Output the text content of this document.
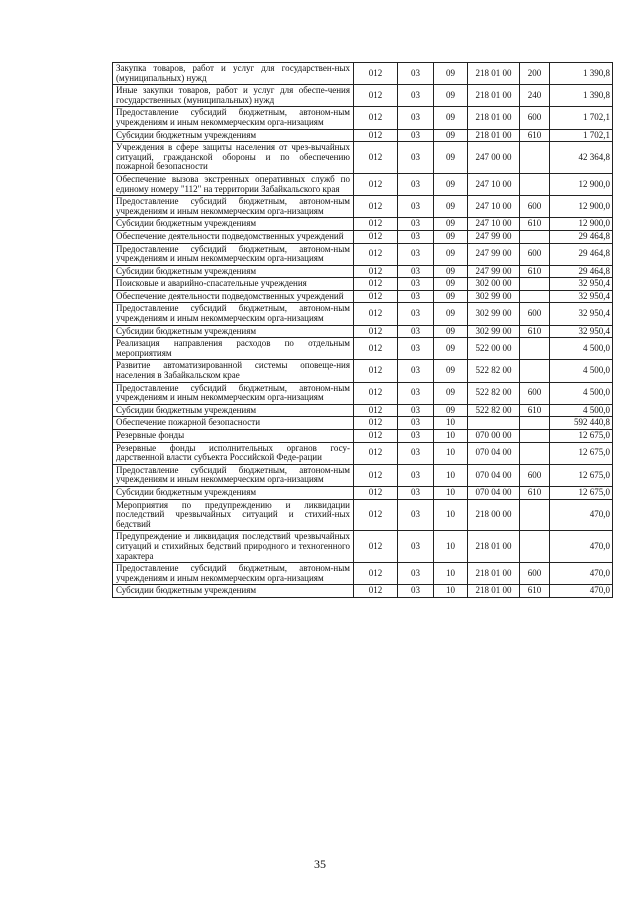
Закупка товаров, работ и услуг для государствен-ных (муниципальных) нужд	012	03	09	218 01 00	200	1 390,8
Иные закупки товаров, работ и услуг для обеспе-чения государственных (муниципальных) нужд	012	03	09	218 01 00	240	1 390,8
Предоставление субсидий бюджетным, автоном-ным учреждениям и иным некоммерческим орга-низациям	012	03	09	218 01 00	600	1 702,1
Субсидии бюджетным учреждениям	012	03	09	218 01 00	610	1 702,1
Учреждения в сфере защиты населения от чрез-вычайных ситуаций, гражданской обороны и по обеспечению пожарной безопасности	012	03	09	247 00 00		42 364,8
Обеспечение вызова экстренных оперативных служб по единому номеру "112" на территории Забайкальского края	012	03	09	247 10 00		12 900,0
Предоставление субсидий бюджетным, автоном-ным учреждениям и иным некоммерческим орга-низациям	012	03	09	247 10 00	600	12 900,0
Субсидии бюджетным учреждениям	012	03	09	247 10 00	610	12 900,0
Обеспечение деятельности подведомственных учреждений	012	03	09	247 99 00		29 464,8
Предоставление субсидий бюджетным, автоном-ным учреждениям и иным некоммерческим орга-низациям	012	03	09	247 99 00	600	29 464,8
Субсидии бюджетным учреждениям	012	03	09	247 99 00	610	29 464,8
Поисковые и аварийно-спасательные учреждения	012	03	09	302 00 00		32 950,4
Обеспечение деятельности подведомственных учреждений	012	03	09	302 99 00		32 950,4
Предоставление субсидий бюджетным, автоном-ным учреждениям и иным некоммерческим орга-низациям	012	03	09	302 99 00	600	32 950,4
Субсидии бюджетным учреждениям	012	03	09	302 99 00	610	32 950,4
Реализация направления расходов по отдельным мероприятиям	012	03	09	522 00 00		4 500,0
Развитие автоматизированной системы оповеще-ния населения в Забайкальском крае	012	03	09	522 82 00		4 500,0
Предоставление субсидий бюджетным, автоном-ным учреждениям и иным некоммерческим орга-низациям	012	03	09	522 82 00	600	4 500,0
Субсидии бюджетным учреждениям	012	03	09	522 82 00	610	4 500,0
Обеспечение пожарной безопасности	012	03	10			592 440,8
Резервные фонды	012	03	10	070 00 00		12 675,0
Резервные фонды исполнительных органов госу-дарственной власти субъекта Российской Феде-рации	012	03	10	070 04 00		12 675,0
Предоставление субсидий бюджетным, автоном-ным учреждениям и иным некоммерческим орга-низациям	012	03	10	070 04 00	600	12 675,0
Субсидии бюджетным учреждениям	012	03	10	070 04 00	610	12 675,0
Мероприятия по предупреждению и ликвидации последствий чрезвычайных ситуаций и стихий-ных бедствий	012	03	10	218 00 00		470,0
Предупреждение и ликвидация последствий чрезвычайных ситуаций и стихийных бедствий природного и техногенного характера	012	03	10	218 01 00		470,0
Предоставление субсидий бюджетным, автоном-ным учреждениям и иным некоммерческим орга-низациям	012	03	10	218 01 00	600	470,0
Субсидии бюджетным учреждениям	012	03	10	218 01 00	610	470,0
35
